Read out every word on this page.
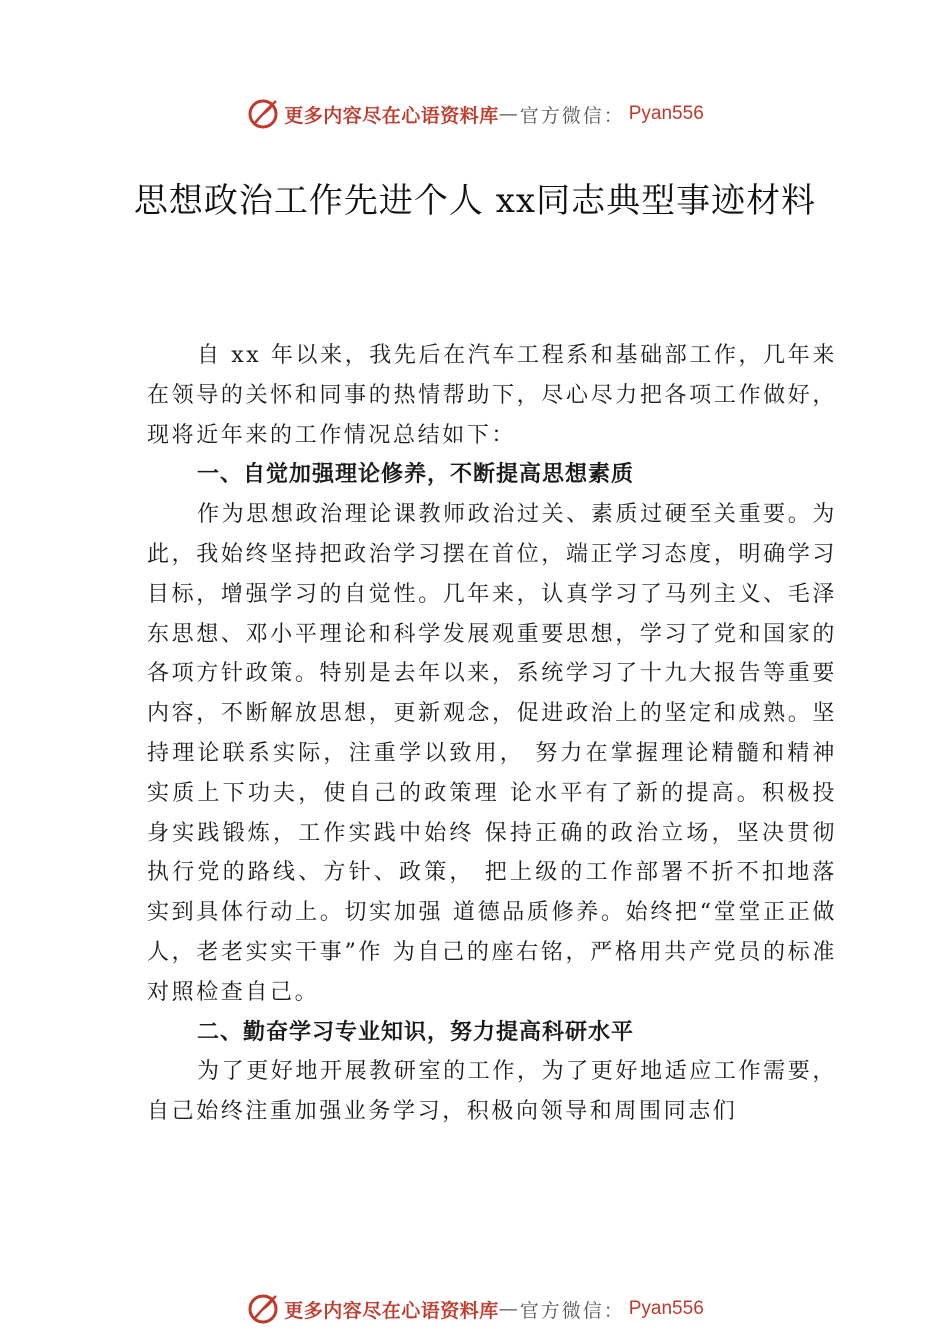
更多内容尽在心语资料库 — 官方微信： Pyan556
思想政治工作先进个人 xx同志典型事迹材料

自 xx 年以来，我先后在汽车工程系和基础部工作，几年来在领导的关怀和同事的热情帮助下，尽心尽力把各项工作做好，现将近年来的工作情况总结如下：

一、自觉加强理论修养，不断提高思想素质

作为思想政治理论课教师政治过关、素质过硬至关重要。为此，我始终坚持把政治学习摆在首位，端正学习态度，明确学习目标，增强学习的自觉性。几年来，认真学习了马列主义、毛泽东思想、邓小平理论和科学发展观重要思想，学习了党和国家的各项方针政策。特别是去年以来，系统学习了十九大报告等重要内容，不断解放思想，更新观念，促进政治上的坚定和成熟。坚持理论联系实际，注重学以致用， 努力在掌握理论精髓和精神实质上下功夫，使自己的政策理 论水平有了新的提高。积极投身实践锻炼，工作实践中始终 保持正确的政治立场，坚决贯彻执行党的路线、方针、政策， 把上级的工作部署不折不扣地落实到具体行动上。切实加强 道德品质修养。始终把“堂堂正正做人，老老实实干事”作 为自己的座右铭，严格用共产党员的标准对照检查自己。

二、勤奋学习专业知识，努力提高科研水平

为了更好地开展教研室的工作，为了更好地适应工作需要，自己始终注重加强业务学习，积极向领导和周围同志们

更多内容尽在心语资料库 — 官方微信： Pyan556
